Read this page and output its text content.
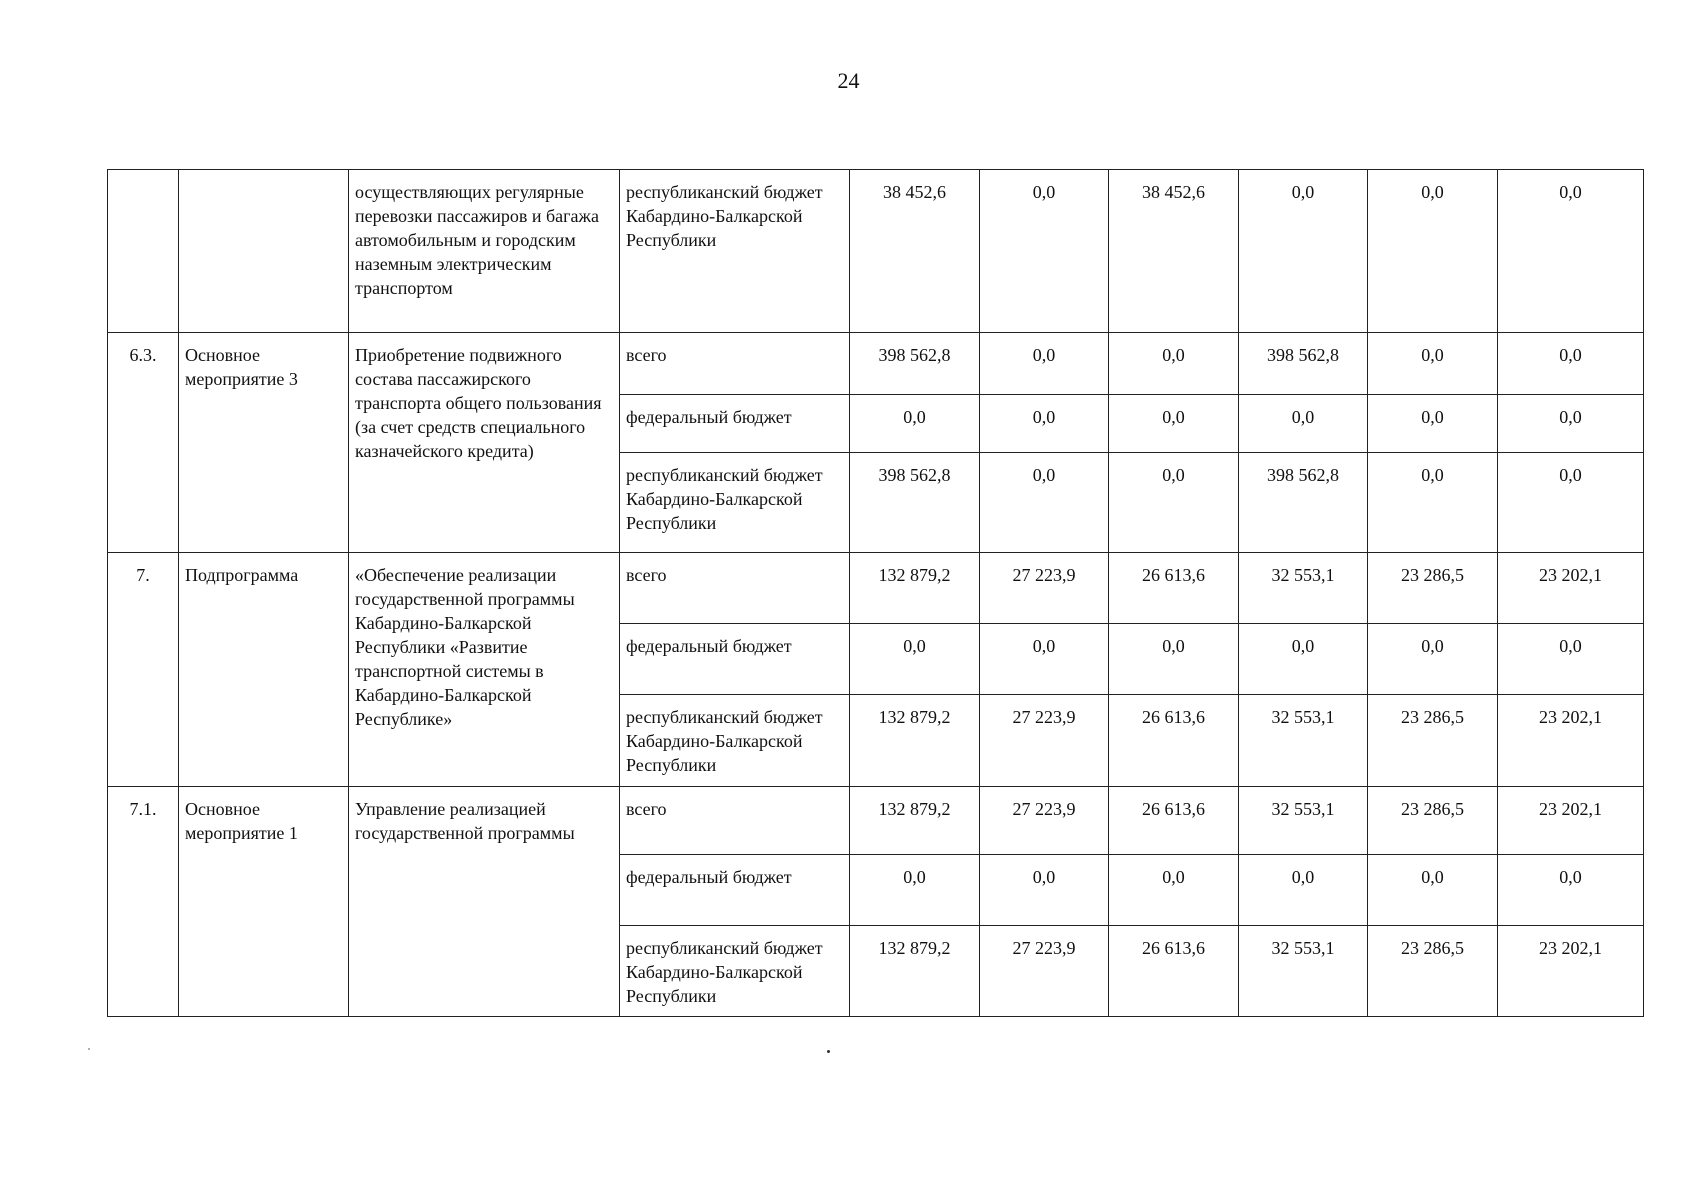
24
		осуществляющих регулярные перевозки пассажиров и багажа автомобильным и городским наземным электрическим транспортом	республиканский бюджет Кабардино-Балкарской Республики	38 452,6	0,0	38 452,6	0,0	0,0	0,0
6.3.	Основное мероприятие 3	Приобретение подвижного состава пассажирского транспорта общего пользования (за счет средств специального казначейского кредита)	всего	398 562,8	0,0	0,0	398 562,8	0,0	0,0
			федеральный бюджет	0,0	0,0	0,0	0,0	0,0	0,0
			республиканский бюджет Кабардино-Балкарской Республики	398 562,8	0,0	0,0	398 562,8	0,0	0,0
7.	Подпрограмма	«Обеспечение реализации государственной программы Кабардино-Балкарской Республики «Развитие транспортной системы в Кабардино-Балкарской Республике»	всего	132 879,2	27 223,9	26 613,6	32 553,1	23 286,5	23 202,1
			федеральный бюджет	0,0	0,0	0,0	0,0	0,0	0,0
			республиканский бюджет Кабардино-Балкарской Республики	132 879,2	27 223,9	26 613,6	32 553,1	23 286,5	23 202,1
7.1.	Основное мероприятие 1	Управление реализацией государственной программы	всего	132 879,2	27 223,9	26 613,6	32 553,1	23 286,5	23 202,1
			федеральный бюджет	0,0	0,0	0,0	0,0	0,0	0,0
			республиканский бюджет Кабардино-Балкарской Республики	132 879,2	27 223,9	26 613,6	32 553,1	23 286,5	23 202,1
